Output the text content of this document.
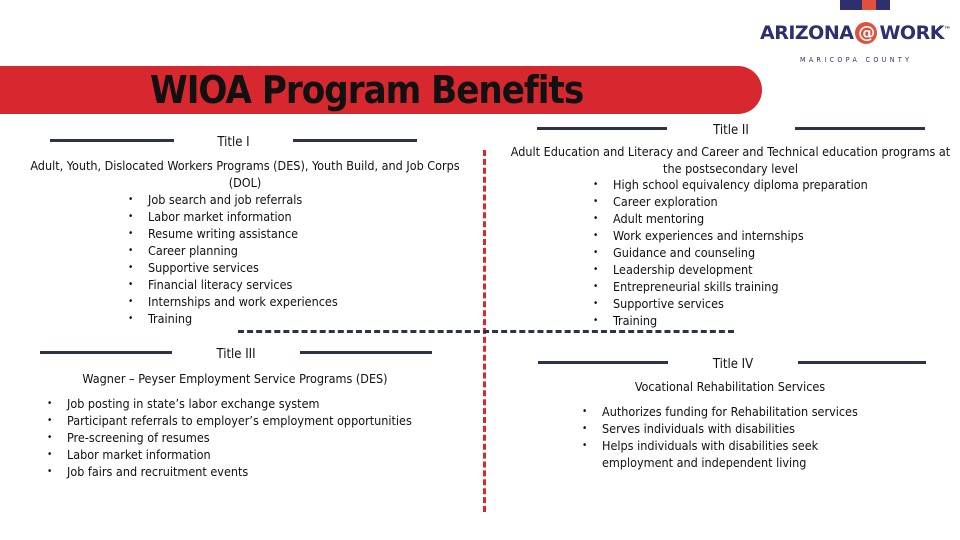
WIOA Program Benefits
ARIZONA @ WORK™
MARICOPA COUNTY
Title I
Adult, Youth, Dislocated Workers Programs (DES), Youth Build, and Job Corps (DOL)
• Job search and job referrals
• Labor market information
• Resume writing assistance
• Career planning
• Supportive services
• Financial literacy services
• Internships and work experiences
• Training
Title II
Adult Education and Literacy and Career and Technical education programs at the postsecondary level
• High school equivalency diploma preparation
• Career exploration
• Adult mentoring
• Work experiences and internships
• Guidance and counseling
• Leadership development
• Entrepreneurial skills training
• Supportive services
• Training
Title III
Wagner – Peyser Employment Service Programs (DES)
• Job posting in state’s labor exchange system
• Participant referrals to employer’s employment opportunities
• Pre-screening of resumes
• Labor market information
• Job fairs and recruitment events
Title IV
Vocational Rehabilitation Services
• Authorizes funding for Rehabilitation services
• Serves individuals with disabilities
• Helps individuals with disabilities seek employment and independent living
